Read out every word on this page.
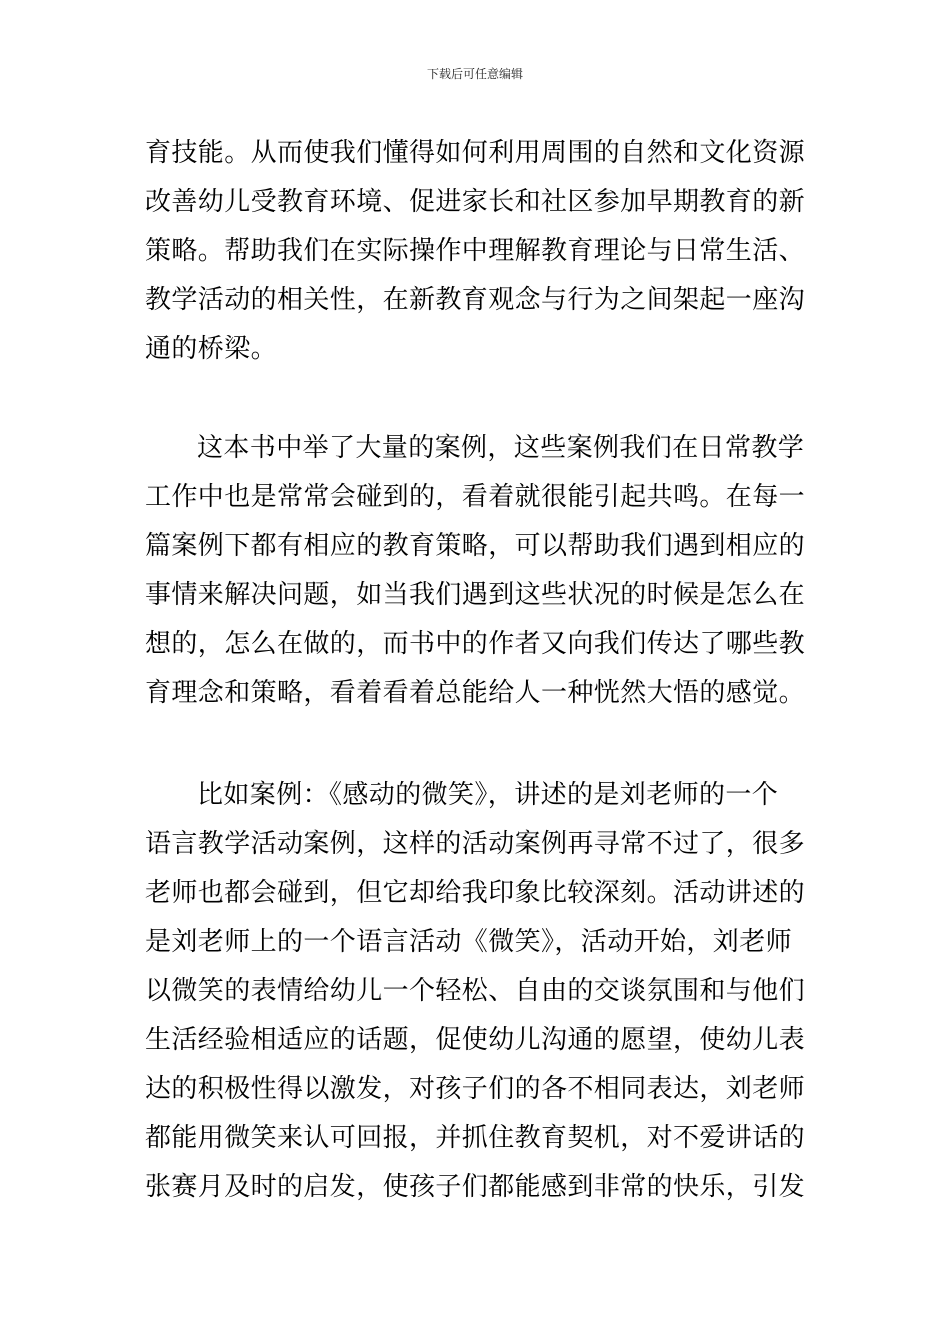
下载后可任意编辑
育技能。从而使我们懂得如何利用周围的自然和文化资源
改善幼儿受教育环境、促进家长和社区参加早期教育的新
策略。帮助我们在实际操作中理解教育理论与日常生活、
教学活动的相关性，在新教育观念与行为之间架起一座沟
通的桥梁。
这本书中举了大量的案例，这些案例我们在日常教学
工作中也是常常会碰到的，看着就很能引起共鸣。在每一
篇案例下都有相应的教育策略，可以帮助我们遇到相应的
事情来解决问题，如当我们遇到这些状况的时候是怎么在
想的，怎么在做的，而书中的作者又向我们传达了哪些教
育理念和策略，看着看着总能给人一种恍然大悟的感觉。
比如案例：《感动的微笑》，讲述的是刘老师的一个
语言教学活动案例，这样的活动案例再寻常不过了，很多
老师也都会碰到，但它却给我印象比较深刻。活动讲述的
是刘老师上的一个语言活动《微笑》，活动开始，刘老师
以微笑的表情给幼儿一个轻松、自由的交谈氛围和与他们
生活经验相适应的话题，促使幼儿沟通的愿望，使幼儿表
达的积极性得以激发，对孩子们的各不相同表达，刘老师
都能用微笑来认可回报，并抓住教育契机，对不爱讲话的
张赛月及时的启发，使孩子们都能感到非常的快乐，引发
